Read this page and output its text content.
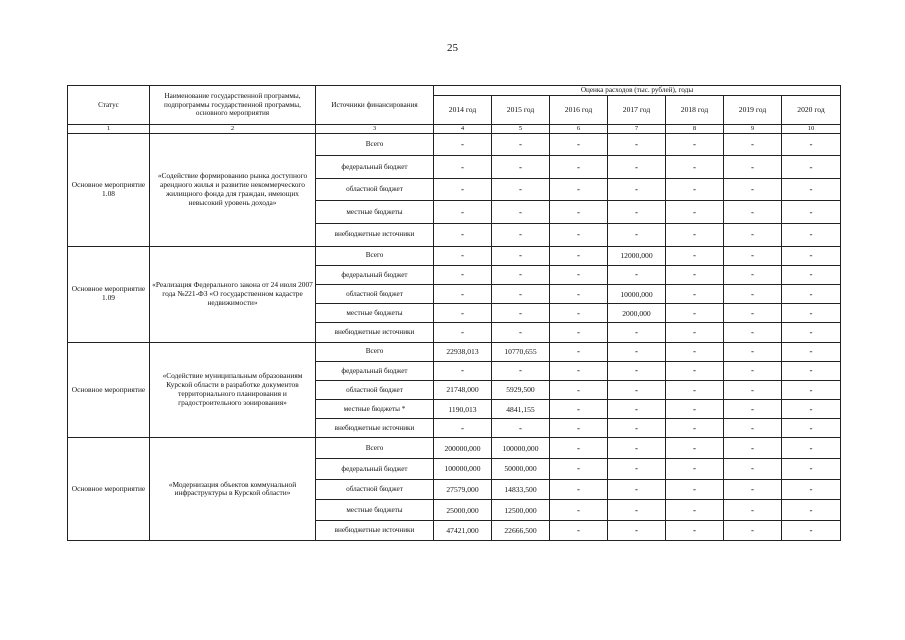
25
Статус	Наименование государственной программы, подпрограммы государственной программы, основного мероприятия	Источники финансирования	Оценка расходов (тыс. рублей), годы						
			2014 год	2015 год	2016 год	2017 год	2018 год	2019 год	2020 год
1	2	3	4	5	6	7	8	9	10
Основное мероприятие 1.08	«Содействие формированию рынка доступного арендного жилья и развитие некоммерческого жилищного фонда для граждан, имеющих невысокий уровень дохода»	Всего	-	-	-	-	-	-	-
		федеральный бюджет	-	-	-	-	-	-	-
		областной бюджет	-	-	-	-	-	-	-
		местные бюджеты	-	-	-	-	-	-	-
		внебюджетные источники	-	-	-	-	-	-	-
Основное мероприятие 1.09	«Реализация Федерального закона от 24 июля 2007 года №221-ФЗ «О государственном кадастре недвижимости»	Всего	-	-	-	12000,000	-	-	-
		федеральный бюджет	-	-	-	-	-	-	-
		областной бюджет	-	-	-	10000,000	-	-	-
		местные бюджеты	-	-	-	2000,000	-	-	-
		внебюджетные источники	-	-	-	-	-	-	-
Основное мероприятие	«Содействие муниципальным образованиям Курской области в разработке документов территориального планирования и градостроительного зонирования»	Всего	22938,013	10770,655	-	-	-	-	-
		федеральный бюджет	-	-	-	-	-	-	-
		областной бюджет	21748,000	5929,500	-	-	-	-	-
		местные бюджеты *	1190,013	4841,155	-	-	-	-	-
		внебюджетные источники	-	-	-	-	-	-	-
Основное мероприятие	«Модернизация объектов коммунальной инфраструктуры в Курской области»	Всего	200000,000	100000,000	-	-	-	-	-
		федеральный бюджет	100000,000	50000,000	-	-	-	-	-
		областной бюджет	27579,000	14833,500	-	-	-	-	-
		местные бюджеты	25000,000	12500,000	-	-	-	-	-
		внебюджетные источники	47421,000	22666,500	-	-	-	-	-
